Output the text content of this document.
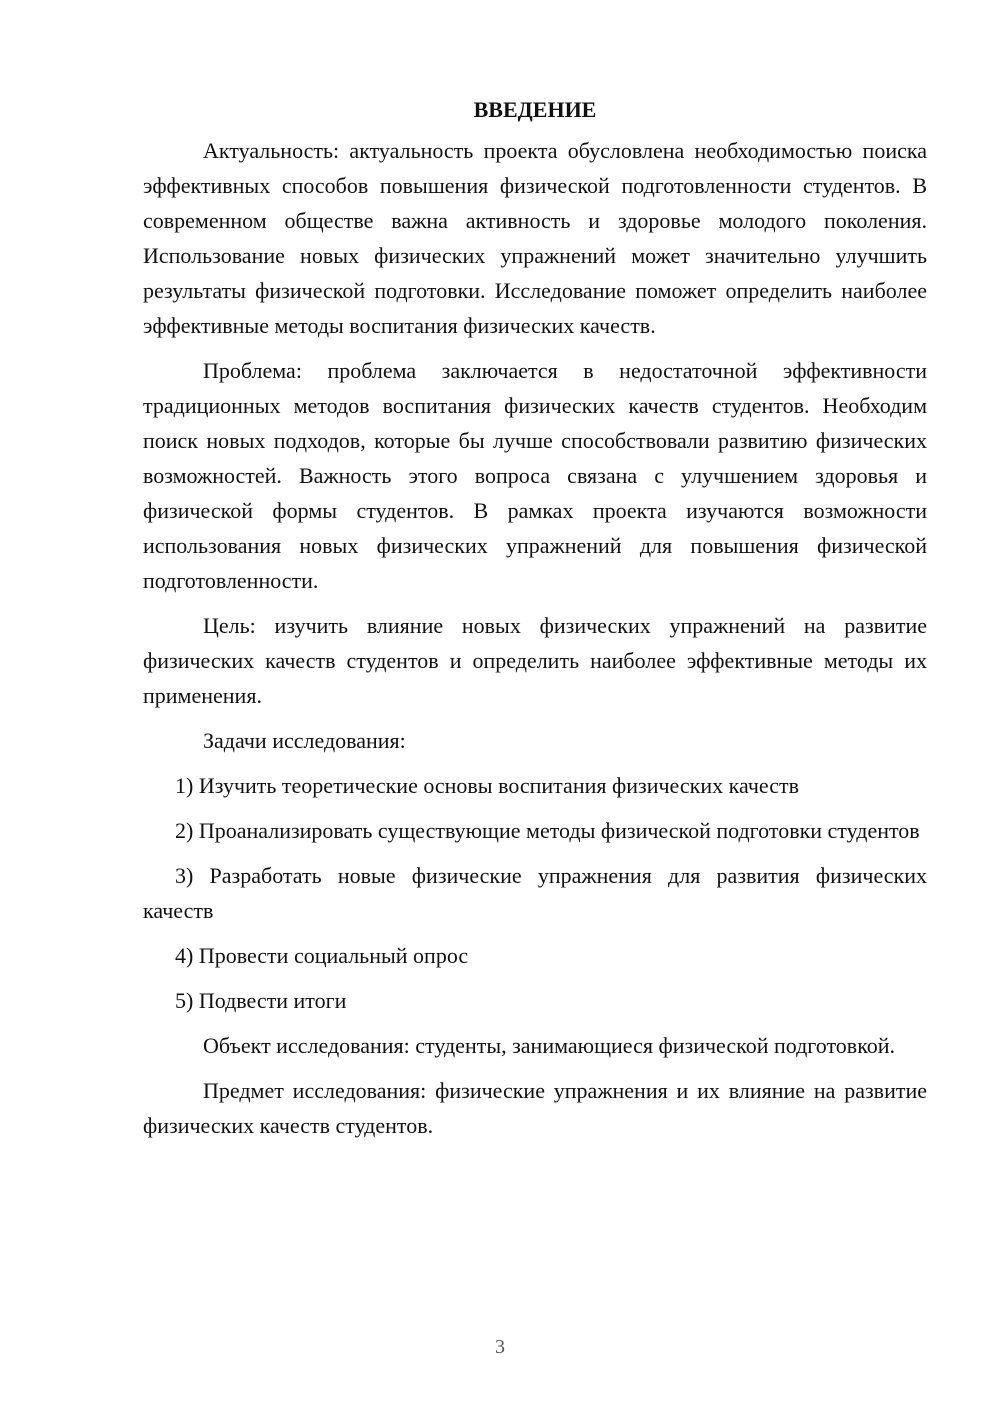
ВВЕДЕНИЕ

Актуальность: актуальность проекта обусловлена необходимостью поиска эффективных способов повышения физической подготовленности студентов. В современном обществе важна активность и здоровье молодого поколения. Использование новых физических упражнений может значительно улучшить результаты физической подготовки. Исследование поможет определить наиболее эффективные методы воспитания физических качеств.

Проблема: проблема заключается в недостаточной эффективности традиционных методов воспитания физических качеств студентов. Необходим поиск новых подходов, которые бы лучше способствовали развитию физических возможностей. Важность этого вопроса связана с улучшением здоровья и физической формы студентов. В рамках проекта изучаются возможности использования новых физических упражнений для повышения физической подготовленности.

Цель: изучить влияние новых физических упражнений на развитие физических качеств студентов и определить наиболее эффективные методы их применения.

Задачи исследования:

1) Изучить теоретические основы воспитания физических качеств

2) Проанализировать существующие методы физической подготовки студентов

3) Разработать новые физические упражнения для развития физических качеств

4) Провести социальный опрос

5) Подвести итоги

Объект исследования: студенты, занимающиеся физической подготовкой.

Предмет исследования: физические упражнения и их влияние на развитие физических качеств студентов.

3
